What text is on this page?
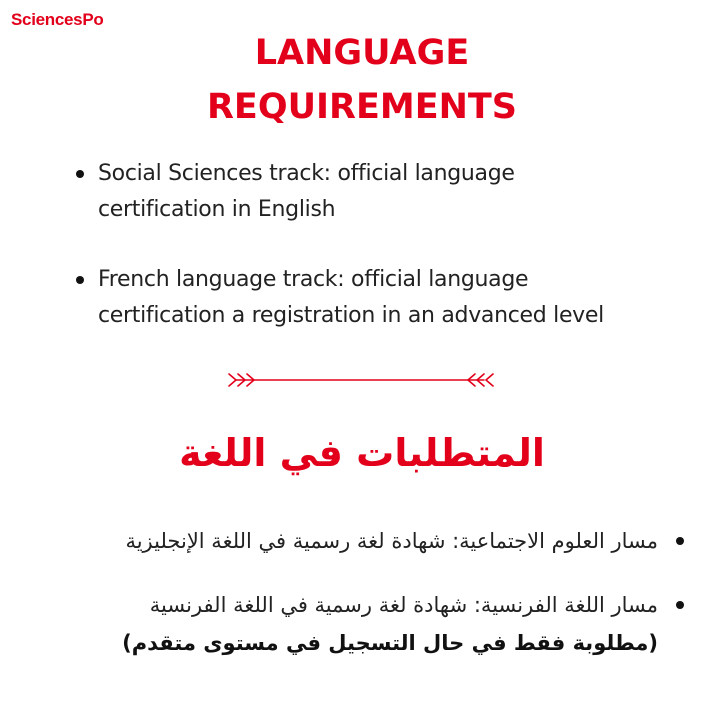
SciencesPo
LANGUAGE
REQUIREMENTS
Social Sciences track: official language
certification in English
French language track: official language
certification a registration in an advanced level
المتطلبات في اللغة
مسار العلوم الاجتماعية: شهادة لغة رسمية في اللغة الإنجليزية
مسار اللغة الفرنسية: شهادة لغة رسمية في اللغة الفرنسية
(مطلوبة فقط في حال التسجيل في مستوى متقدم)
